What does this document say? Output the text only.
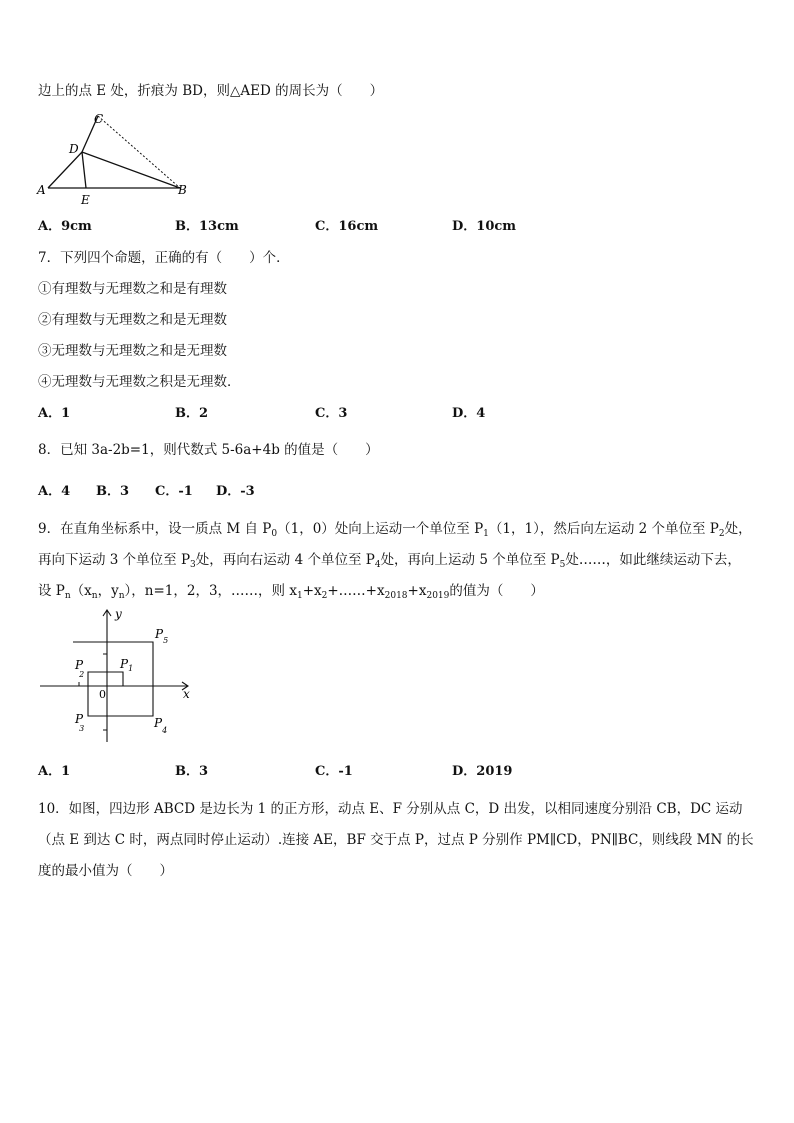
边上的点 E 处，折痕为 BD，则△AED 的周长为（　　）
C
D
A
E
B
A．9cm	B．13cm	C．16cm	D．10cm
7．下列四个命题，正确的有（　　）个．
①有理数与无理数之和是有理数
②有理数与无理数之和是无理数
③无理数与无理数之和是无理数
④无理数与无理数之积是无理数．
A．1	B．2	C．3	D．4
8．已知 3a-2b=1，则代数式 5-6a+4b 的值是（　　）
A．4 B．3 C．-1 D．-3
9．在直角坐标系中，设一质点 M 自 $P_0(1$，0）处向上运动一个单位至 $P_1(1$，1），然后向左运动 2 个单位至 $P_2$处，
再向下运动 3 个单位至 $P_3$处，再向右运动 4 个单位至 $P_4$处，再向上运动 5 个单位至 $P_5$处……，如此继续运动下去，
设 $P_n(x_n$，$y_n$），n=1，2，3，……，则 $x_1+x_2+\dots\dots+x_{2018}+x_{2019}$的值为（　　）
y
x
0
$P_1$
P 2
P 3	$P_4$
$P_5$
A．1	B．3	C．-1	D．2019
10．如图，四边形 ABCD 是边长为 1 的正方形，动点 E、F 分别从点 C，D 出发，以相同速度分别沿 CB，DC 运动
（点 E 到达 C 时，两点同时停止运动）.连接 AE，BF 交于点 P，过点 P 分别作 PM∥CD，PN∥BC，则线段 MN 的长
度的最小值为（　　）
